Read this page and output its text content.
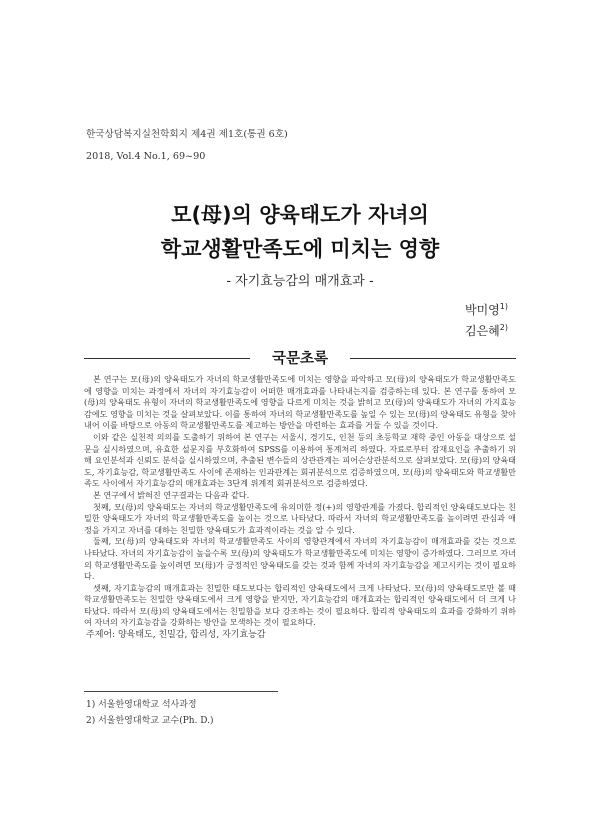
한국상담복지실천학회지 제4권 제1호(통권 6호)
2018, Vol.4 No.1, 69~90
모(母)의 양육태도가 자녀의
학교생활만족도에 미치는 영향
- 자기효능감의 매개효과 -
박미영$^{1)}$
김은혜$^{2)}$
국문초록

본 연구는 모(母)의 양육태도가 자녀의 학교생활만족도에 미치는 영향을 파악하고 모(母)의 양육태도가 학교생활만족도에 영향을 미치는 과정에서 자녀의 자기효능감이 어떠한 매개효과를 나타내는지를 검증하는데 있다. 본 연구를 통하여 모(母)의 양육태도 유형이 자녀의 학교생활만족도에 영향을 다르게 미치는 것을 밝히고 모(母)의 양육태도가 자녀의 가지효능감에도 영향을 미치는 것을 살펴보았다. 이를 통하여 자녀의 학교생활만족도를 높일 수 있는 모(母)의 양육태도 유형을 찾아내어 이를 바탕으로 아동의 학교생활만족도를 제고하는 방안을 마련하는 효과를 거둘 수 있을 것이다.

이와 같은 실천적 의의를 도출하기 위하여 본 연구는 서울시, 경기도, 인천 등의 초등학교 재학 중인 아동을 대상으로 설문을 실시하였으며, 유효한 설문지를 부호화하여 SPSS를 이용하여 통계처리 하였다. 자료로부터 잠재요인을 추출하기 위해 요인분석과 신뢰도 분석을 실시하였으며, 추출된 변수들의 상관관계는 피어슨상관분석으로 살펴보았다. 모(母)의 양육태도, 자기효능감, 학교생활만족도 사이에 존재하는 인과관계는 회귀분석으로 검증하였으며, 모(母)의 양육태도와 학교생활만족도 사이에서 자기효능감의 매개효과는 3단계 위계적 회귀분석으로 검증하였다.

본 연구에서 밝혀진 연구결과는 다음과 같다.

첫째, 모(母)의 양육태도는 자녀의 학교생활만족도에 유의미한 정(+)의 영향관계를 가졌다. 합리적인 양육태도보다는 친밀한 양육태도가 자녀의 학교생활만족도를 높이는 것으로 나타났다. 따라서 자녀의 학교생활만족도를 높이려면 관심과 애정을 가지고 자녀를 대하는 친밀한 양육태도가 효과적이라는 것을 알 수 있다.

둘째, 모(母)의 양육태도와 자녀의 학교생활만족도 사이의 영향관계에서 자녀의 자기효능감이 매개효과를 갖는 것으로 나타났다. 자녀의 자기효능감이 높을수록 모(母)의 양육태도가 학교생활만족도에 미치는 영향이 증가하였다. 그러므로 자녀의 학교생활만족도를 높이려면 모(母)가 긍정적인 양육태도를 갖는 것과 함께 자녀의 자기효능감을 제고시키는 것이 필요하다.

셋째, 자기효능감의 매개효과는 친밀한 태도보다는 합리적인 양육태도에서 크게 나타났다. 모(母)의 양육태도로만 볼 때 학교생활만족도는 친밀한 양육태도에서 크게 영향을 받지만, 자기효능감의 매개효과는 합리적인 양육태도에서 더 크게 나타났다. 따라서 모(母)의 양육태도에서는 친밀함을 보다 강조하는 것이 필요하다. 합리적 양육태도의 효과를 강화하기 위하여 자녀의 자기효능감을 강화하는 방안을 모색하는 것이 필요하다.

주제어: 양육태도, 친밀감, 합리성, 자기효능감
1) 서울한영대학교 석사과정
2) 서울한영대학교 교수(Ph. D.)
